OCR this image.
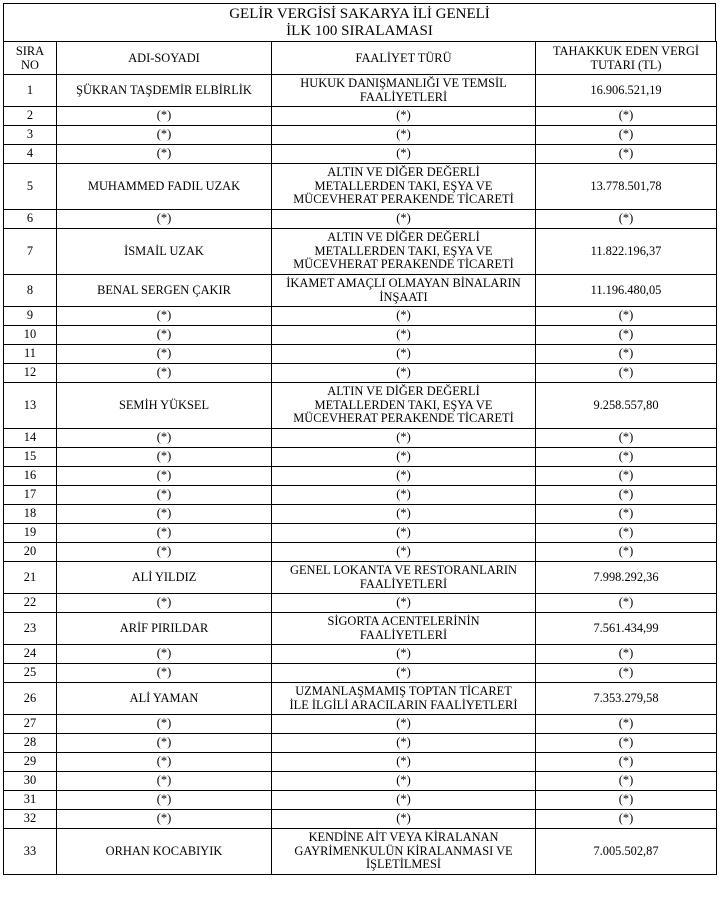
GELİR VERGİSİ SAKARYA İLİ GENELİ
İLK 100 SIRALAMASI
SIRA
NO	ADI-SOYADI	FAALİYET TÜRÜ	TAHAKKUK EDEN VERGİ
TUTARI (TL)
1	ŞÜKRAN TAŞDEMİR ELBİRLİK	HUKUK DANIŞMANLIĞI VE TEMSİL
FAALİYETLERİ	16.906.521,19
2	(*)	(*)	(*)
3	(*)	(*)	(*)
4	(*)	(*)	(*)
5	MUHAMMED FADIL UZAK	ALTIN VE DİĞER DEĞERLİ
METALLERDEN TAKI, EŞYA VE
MÜCEVHERAT PERAKENDE TİCARETİ	13.778.501,78
6	(*)	(*)	(*)
7	İSMAİL UZAK	ALTIN VE DİĞER DEĞERLİ
METALLERDEN TAKI, EŞYA VE
MÜCEVHERAT PERAKENDE TİCARETİ	11.822.196,37
8	BENAL SERGEN ÇAKIR	İKAMET AMAÇLI OLMAYAN BİNALARIN
İNŞAATI	11.196.480,05
9	(*)	(*)	(*)
10	(*)	(*)	(*)
11	(*)	(*)	(*)
12	(*)	(*)	(*)
13	SEMİH YÜKSEL	ALTIN VE DİĞER DEĞERLİ
METALLERDEN TAKI, EŞYA VE
MÜCEVHERAT PERAKENDE TİCARETİ	9.258.557,80
14	(*)	(*)	(*)
15	(*)	(*)	(*)
16	(*)	(*)	(*)
17	(*)	(*)	(*)
18	(*)	(*)	(*)
19	(*)	(*)	(*)
20	(*)	(*)	(*)
21	ALİ YILDIZ	GENEL LOKANTA VE RESTORANLARIN
FAALİYETLERİ	7.998.292,36
22	(*)	(*)	(*)
23	ARİF PIRILDAR	SİGORTA ACENTELERİNİN
FAALİYETLERİ	7.561.434,99
24	(*)	(*)	(*)
25	(*)	(*)	(*)
26	ALİ YAMAN	UZMANLAŞMAMIŞ TOPTAN TİCARET
İLE İLGİLİ ARACILARIN FAALİYETLERİ	7.353.279,58
27	(*)	(*)	(*)
28	(*)	(*)	(*)
29	(*)	(*)	(*)
30	(*)	(*)	(*)
31	(*)	(*)	(*)
32	(*)	(*)	(*)
33	ORHAN KOCABIYIK	KENDİNE AİT VEYA KİRALANAN
GAYRİMENKULÜN KİRALANMASI VE
İŞLETİLMESİ	7.005.502,87
